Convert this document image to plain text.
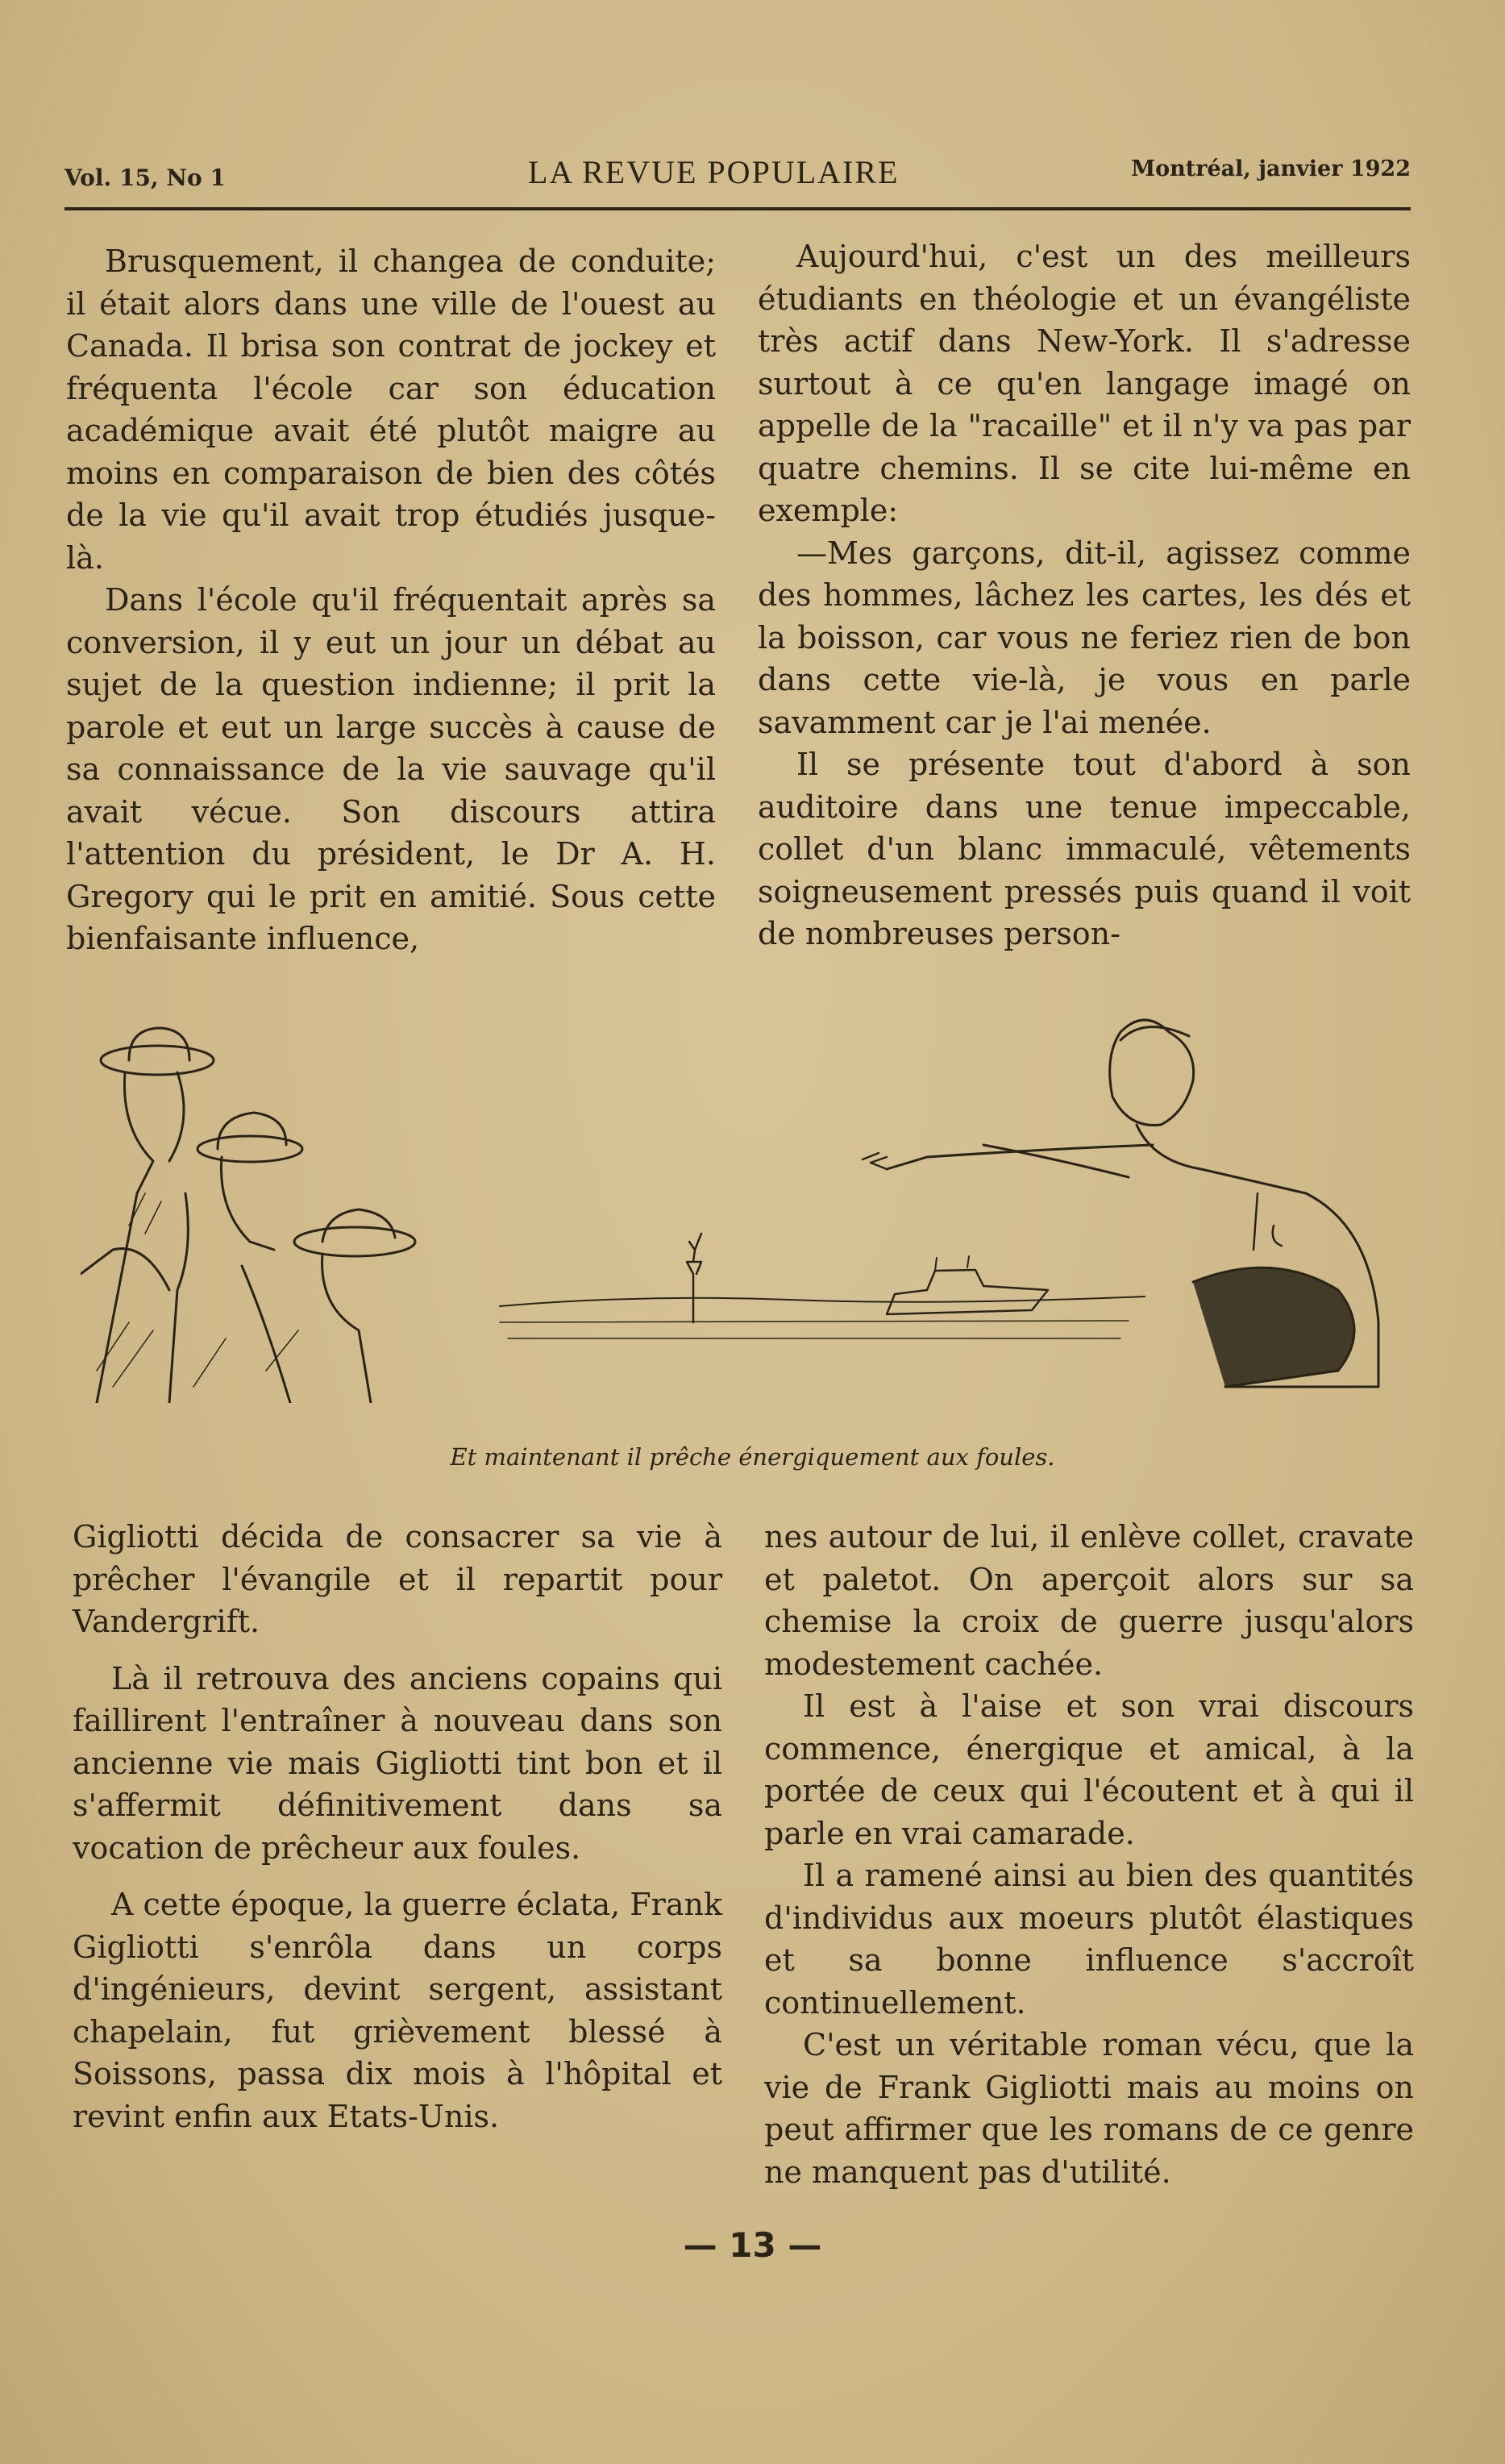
Vol. 15, No 1	LA REVUE POPULAIRE	Montréal, janvier 1922

Brusquement, il changea de conduite; il était alors dans une ville de l'ouest au Canada. Il brisa son contrat de jockey et fréquenta l'école car son éducation académique avait été plutôt maigre au moins en comparaison de bien des côtés de la vie qu'il avait trop étudiés jusque-là.

Dans l'école qu'il fréquentait après sa conversion, il y eut un jour un débat au sujet de la question indienne; il prit la parole et eut un large succès à cause de sa connaissance de la vie sauvage qu'il avait vécue. Son discours attira l'attention du président, le Dr A. H. Gregory qui le prit en amitié. Sous cette bienfaisante influence,

Aujourd'hui, c'est un des meilleurs étudiants en théologie et un évangéliste très actif dans New-York. Il s'adresse surtout à ce qu'en langage imagé on appelle de la "racaille" et il n'y va pas par quatre chemins. Il se cite lui-même en exemple:

—Mes garçons, dit-il, agissez comme des hommes, lâchez les cartes, les dés et la boisson, car vous ne feriez rien de bon dans cette vie-là, je vous en parle savamment car je l'ai menée.

Il se présente tout d'abord à son auditoire dans une tenue impeccable, collet d'un blanc immaculé, vêtements soigneusement pressés puis quand il voit de nombreuses person-

Et maintenant il prêche énergiquement aux foules.

Gigliotti décida de consacrer sa vie à prêcher l'évangile et il repartit pour Vandergrift.

Là il retrouva des anciens copains qui faillirent l'entraîner à nouveau dans son ancienne vie mais Gigliotti tint bon et il s'affermit définitivement dans sa vocation de prêcheur aux foules.

A cette époque, la guerre éclata, Frank Gigliotti s'enrôla dans un corps d'ingénieurs, devint sergent, assistant chapelain, fut grièvement blessé à Soissons, passa dix mois à l'hôpital et revint enfin aux Etats-Unis.

nes autour de lui, il enlève collet, cravate et paletot. On aperçoit alors sur sa chemise la croix de guerre jusqu'alors modestement cachée.

Il est à l'aise et son vrai discours commence, énergique et amical, à la portée de ceux qui l'écoutent et à qui il parle en vrai camarade.

Il a ramené ainsi au bien des quantités d'individus aux moeurs plutôt élastiques et sa bonne influence s'accroît continuellement.

C'est un véritable roman vécu, que la vie de Frank Gigliotti mais au moins on peut affirmer que les romans de ce genre ne manquent pas d'utilité.

— 13 —
